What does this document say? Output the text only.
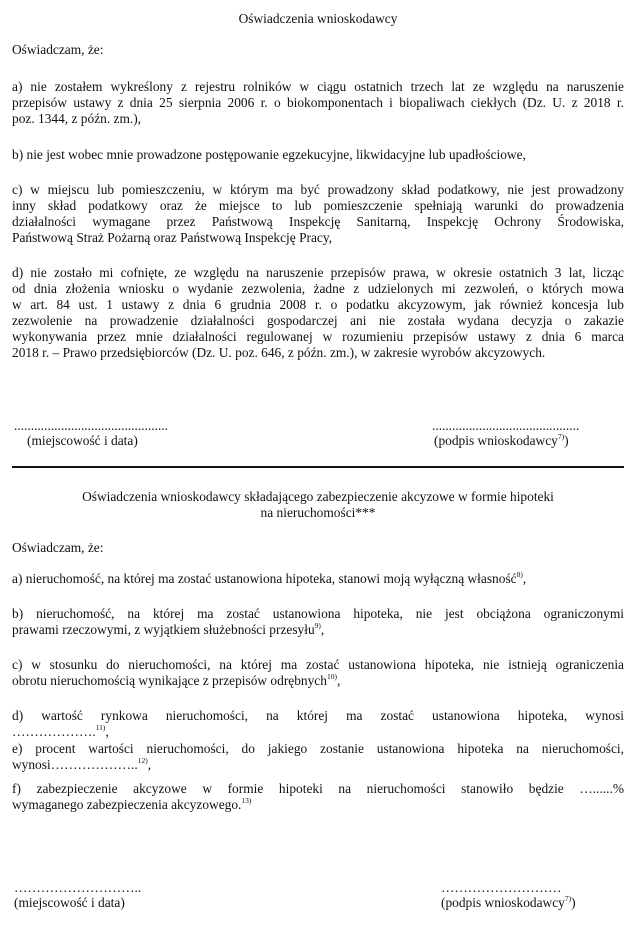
Oświadczenia wnioskodawcy
Oświadczam, że:
a) nie zostałem wykreślony z rejestru rolników w ciągu ostatnich trzech lat ze względu na naruszenie
przepisów ustawy z dnia 25 sierpnia 2006 r. o biokomponentach i biopaliwach ciekłych (Dz. U. z 2018 r.
poz. 1344, z późn. zm.),
b) nie jest wobec mnie prowadzone postępowanie egzekucyjne, likwidacyjne lub upadłościowe,
c) w miejscu lub pomieszczeniu, w którym ma być prowadzony skład podatkowy, nie jest prowadzony
inny skład podatkowy oraz że miejsce to lub pomieszczenie spełniają warunki do prowadzenia
działalności wymagane przez Państwową Inspekcję Sanitarną, Inspekcję Ochrony Środowiska,
Państwową Straż Pożarną oraz Państwową Inspekcję Pracy,
d) nie zostało mi cofnięte, ze względu na naruszenie przepisów prawa, w okresie ostatnich 3 lat, licząc
od dnia złożenia wniosku o wydanie zezwolenia, żadne z udzielonych mi zezwoleń, o których mowa
w art. 84 ust. 1 ustawy z dnia 6 grudnia 2008 r. o podatku akcyzowym, jak również koncesja lub
zezwolenie na prowadzenie działalności gospodarczej ani nie została wydana decyzja o zakazie
wykonywania przez mnie działalności regulowanej w rozumieniu przepisów ustawy z dnia 6 marca
2018 r. – Prawo przedsiębiorców (Dz. U. poz. 646, z późn. zm.), w zakresie wyrobów akcyzowych.
..............................................
(miejscowość i data)
............................................
(podpis wnioskodawcy$^{7)}$)
Oświadczenia wnioskodawcy składającego zabezpieczenie akcyzowe w formie hipoteki
na nieruchomości***
Oświadczam, że:
a) nieruchomość, na której ma zostać ustanowiona hipoteka, stanowi moją wyłączną własność$^{8)}$,
b) nieruchomość, na której ma zostać ustanowiona hipoteka, nie jest obciążona ograniczonymi
prawami rzeczowymi, z wyjątkiem służebności przesyłu$^{9)}$,
c) w stosunku do nieruchomości, na której ma zostać ustanowiona hipoteka, nie istnieją ograniczenia
obrotu nieruchomością wynikające z przepisów odrębnych$^{10)}$,
d) wartość rynkowa nieruchomości, na której ma zostać ustanowiona hipoteka, wynosi
……………….$^{11)}$,
e) procent wartości nieruchomości, do jakiego zostanie ustanowiona hipoteka na nieruchomości,
wynosi………………..$^{12)}$,
f) zabezpieczenie akcyzowe w formie hipoteki na nieruchomości stanowiło będzie …......%
wymaganego zabezpieczenia akcyzowego.$^{13)}$
………………………..
(miejscowość i data)
………………………
(podpis wnioskodawcy$^{7)}$)
